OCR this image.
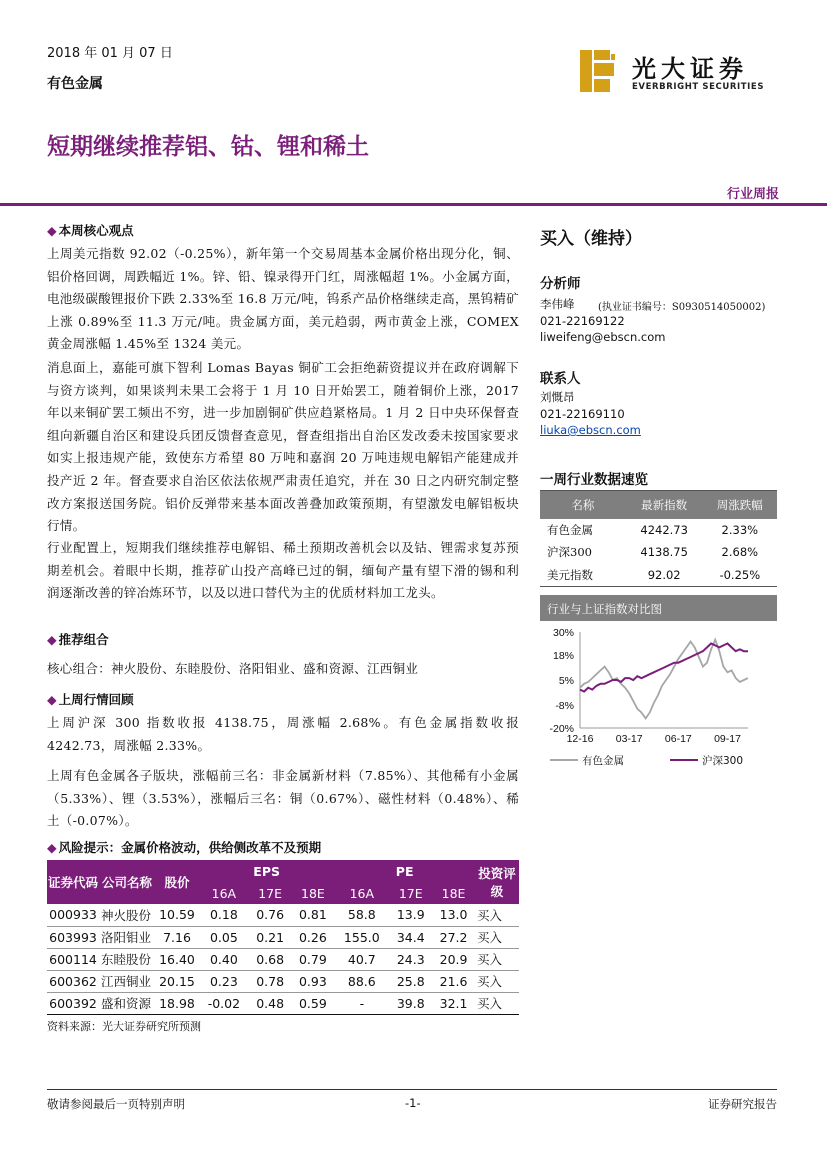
2018 年 01 月 07 日
有色金属
光大证券
EVERBRIGHT SECURITIES
短期继续推荐铝、钴、锂和稀土
行业周报
◆ 本周核心观点
上周美元指数 92.02（-0.25%），新年第一个交易周基本金属价格出现分化，铜、铝价格回调，周跌幅近 1%。锌、铅、镍录得开门红，周涨幅超 1%。小金属方面，电池级碳酸锂报价下跌 2.33%至 16.8 万元/吨，钨系产品价格继续走高，黑钨精矿上涨 0.89%至 11.3 万元/吨。贵金属方面，美元趋弱，两市黄金上涨，COMEX 黄金周涨幅 1.45%至 1324 美元。
消息面上，嘉能可旗下智利 Lomas Bayas 铜矿工会拒绝薪资提议并在政府调解下与资方谈判，如果谈判未果工会将于 1 月 10 日开始罢工，随着铜价上涨，2017 年以来铜矿罢工频出不穷，进一步加剧铜矿供应趋紧格局。1 月 2 日中央环保督查组向新疆自治区和建设兵团反馈督查意见，督查组指出自治区发改委未按国家要求如实上报违规产能，致使东方希望 80 万吨和嘉润 20 万吨违规电解铝产能建成并投产近 2 年。督查要求自治区依法依规严肃责任追究，并在 30 日之内研究制定整改方案报送国务院。铝价反弹带来基本面改善叠加政策预期，有望激发电解铝板块行情。
行业配置上，短期我们继续推荐电解铝、稀土预期改善机会以及钴、锂需求复苏预期差机会。着眼中长期，推荐矿山投产高峰已过的铜，缅甸产量有望下滑的锡和利润逐渐改善的锌冶炼环节，以及以进口替代为主的优质材料加工龙头。
◆ 推荐组合
核心组合：神火股份、东睦股份、洛阳钼业、盛和资源、江西铜业
◆ 上周行情回顾
上周沪深 300 指数收报 4138.75，周涨幅 2.68%。有色金属指数收报 4242.73，周涨幅 2.33%。
上周有色金属各子版块，涨幅前三名：非金属新材料（7.85%）、其他稀有小金属（5.33%）、锂（3.53%），涨幅后三名：铜（0.67%）、磁性材料（0.48%）、稀土（-0.07%）。
◆ 风险提示：金属价格波动，供给侧改革不及预期
证券代码	公司名称	股价	EPS			PE			投资评级
			16A	17E	18E	16A	17E	18E	
000933	神火股份	10.59	0.18	0.76	0.81	58.8	13.9	13.0	买入
603993	洛阳钼业	7.16	0.05	0.21	0.26	155.0	34.4	27.2	买入
600114	东睦股份	16.40	0.40	0.68	0.79	40.7	24.3	20.9	买入
600362	江西铜业	20.15	0.23	0.78	0.93	88.6	25.8	21.6	买入
600392	盛和资源	18.98	-0.02	0.48	0.59	-	39.8	32.1	买入
资料来源：光大证券研究所预测
买入（维持）
分析师
李伟峰 (执业证书编号：S0930514050002)
021-22169122
liweifeng@ebscn.com
联系人
刘慨昂
021-22169110
liuka@ebscn.com
一周行业数据速览
名称	最新指数	周涨跌幅
有色金属	4242.73	2.33%
沪深300	4138.75	2.68%
美元指数	92.02	-0.25%
行业与上证指数对比图
30%
18%
5%
-8%
-20%
12-16 03-17 06-17 09-17
有色金属	沪深300
敬请参阅最后一页特别声明	-1-	证券研究报告
